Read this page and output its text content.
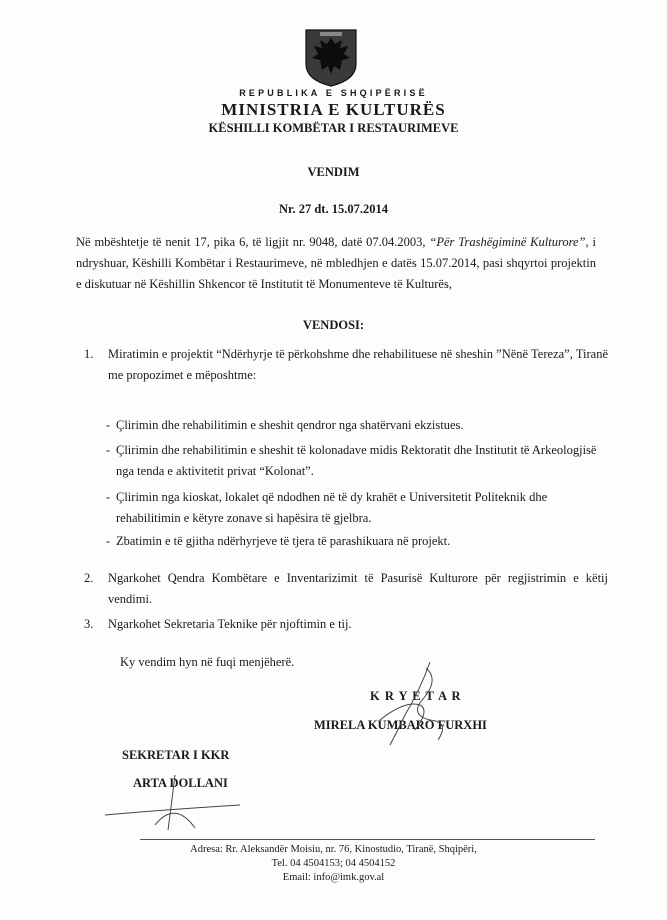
REPUBLIKA E SHQIPËRISË
MINISTRIA E KULTURËS
KËSHILLI KOMBËTAR I RESTAURIMEVE
VENDIM
Nr. 27 dt. 15.07.2014
Në mbështetje të nenit 17, pika 6, të ligjit nr. 9048, datë 07.04.2003, “Për Trashëgiminë Kulturore”, i ndryshuar, Këshilli Kombëtar i Restaurimeve, në mbledhjen e datës 15.07.2014, pasi shqyrtoi projektin e diskutuar në Këshillin Shkencor të Institutit të Monumenteve të Kulturës,
VENDOSI:
1. Miratimin e projektit “Ndërhyrje të përkohshme dhe rehabilituese në sheshin ”Nënë Tereza”, Tiranë me propozimet e mëposhtme:
- Çlirimin dhe rehabilitimin e sheshit qendror nga shatërvani ekzistues.
- Çlirimin dhe rehabilitimin e sheshit të kolonadave midis Rektoratit dhe Institutit të Arkeologjisë nga tenda e aktivitetit privat “Kolonat”.
- Çlirimin nga kioskat, lokalet që ndodhen në të dy krahët e Universitetit Politeknik dhe rehabilitimin e këtyre zonave si hapësira të gjelbra.
- Zbatimin e të gjitha ndërhyrjeve të tjera të parashikuara në projekt.
2. Ngarkohet Qendra Kombëtare e Inventarizimit të Pasurisë Kulturore për regjistrimin e këtij vendimi.
3. Ngarkohet Sekretaria Teknike për njoftimin e tij.
Ky vendim hyn në fuqi menjëherë.
K R Y E T A R
MIRELA KUMBARO FURXHI
SEKRETAR I KKR
ARTA DOLLANI
Adresa: Rr. Aleksandër Moisiu, nr. 76, Kinostudio, Tiranë, Shqipëri,
Tel. 04 4504153; 04 4504152
Email: info@imk.gov.al
